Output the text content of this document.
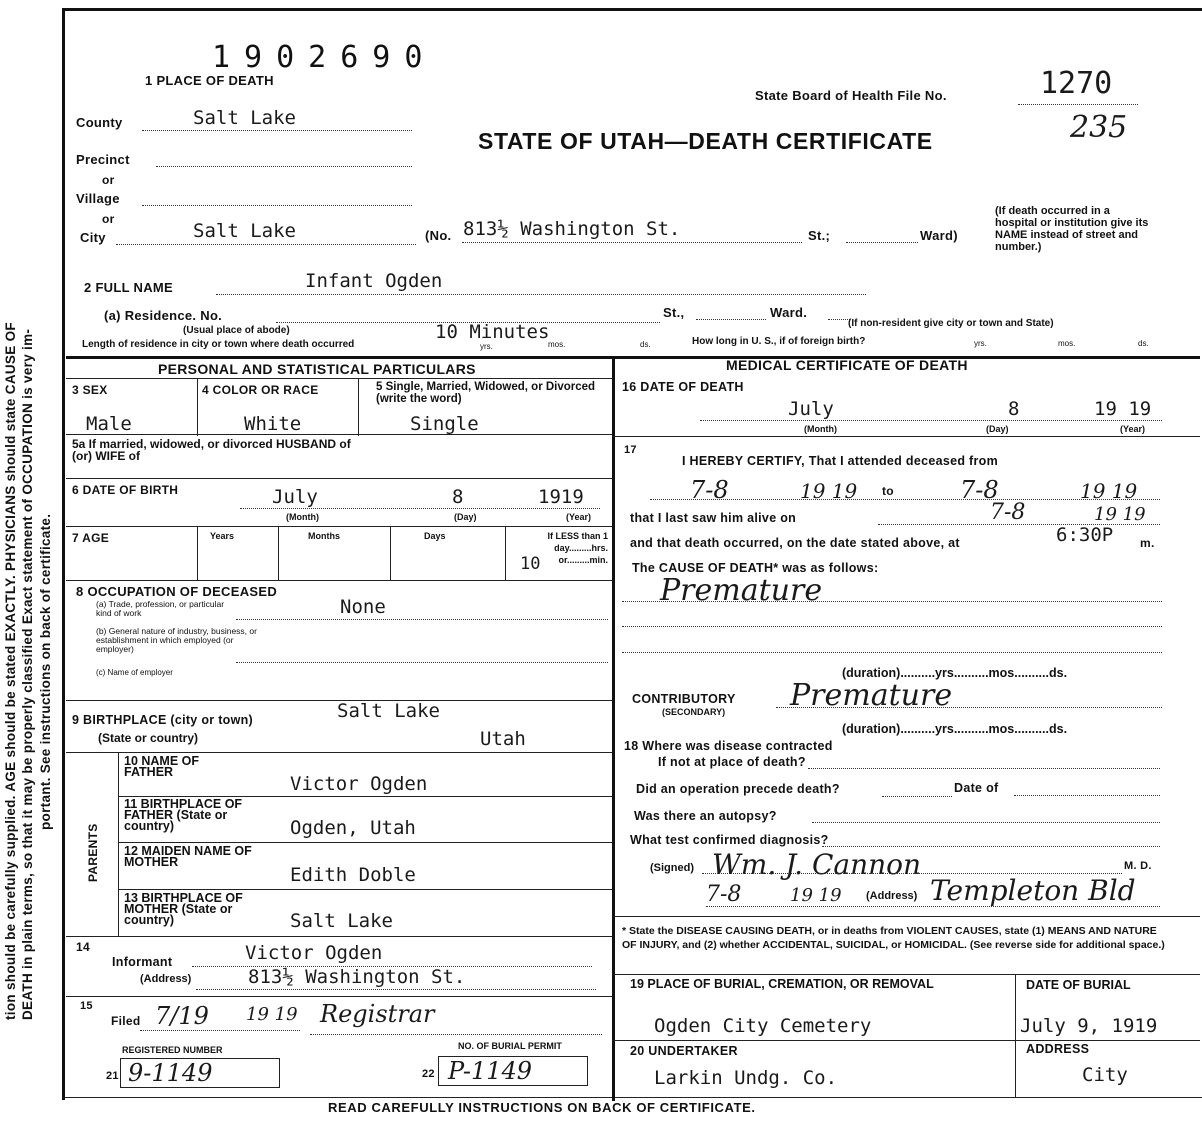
tion should be carefully supplied. AGE should be stated EXACTLY. PHYSICIANS should state CAUSE OF DEATH in plain terms, so that it may be properly classified Exact statement of OCCUPATION is very im- portant. See instructions on back of certificate.
1902690
1 PLACE OF DEATH
State Board of Health File No.	1270
235
STATE OF UTAH—DEATH CERTIFICATE
County	Salt Lake
Precinct
or
Village
or
City	Salt Lake	(No. 813½ Washington St.	St.;	Ward)
(If death occurred in a hospital or institution give its NAME instead of street and number.)
2 FULL NAME	Infant Ogden
(a) Residence. No.	St.,	Ward.
(If non-resident give city or town and State)
(Usual place of abode)
Length of residence in city or town where death occurred
10 Minutes
yrs.	mos.	ds.	How long in U. S., if of foreign birth?	yrs.	mos.	ds.
PERSONAL AND STATISTICAL PARTICULARS	MEDICAL CERTIFICATE OF DEATH
3 SEX	4 COLOR OR RACE	5 Single, Married, Widowed, or Divorced (write the word)
Male	White	Single
5a If married, widowed, or divorced HUSBAND of (or) WIFE of
6 DATE OF BIRTH	July	8	1919
(Month)	(Day)	(Year)
7 AGE	Years	Months	Days	If LESS than 1 day.........hrs. or.........min.
10
8 OCCUPATION OF DECEASED
(a) Trade, profession, or particular kind of work	None
(b) General nature of industry, business, or establishment in which employed (or employer)
(c) Name of employer
9 BIRTHPLACE (city or town)
(State or country)
Salt Lake
Utah
PARENTS
10 NAME OF FATHER
Victor Ogden
11 BIRTHPLACE OF FATHER (State or country)	Ogden, Utah
12 MAIDEN NAME OF MOTHER
Edith Doble
13 BIRTHPLACE OF MOTHER (State or country)	Salt Lake
14
Informant	Victor Ogden
(Address)	813½ Washington St.
15
Filed 7/19 19 19 Registrar
REGISTERED NUMBER	NO. OF BURIAL PERMIT
21 9-1149	22 P-1149
16 DATE OF DEATH
July	8	19 19
(Month)	(Day)	(Year)
17
I HEREBY CERTIFY, That I attended deceased from
7-8	19 19 to	7-8	19 19
that I last saw him alive on	7-8	19 19
and that death occurred, on the date stated above, at	6:30P m.
The CAUSE OF DEATH* was as follows:
Premature
(duration)..........yrs..........mos..........ds.
CONTRIBUTORY
(SECONDARY) Premature
(duration)..........yrs..........mos..........ds.
18 Where was disease contracted
If not at place of death?
Did an operation precede death?	Date of
Was there an autopsy?
What test confirmed diagnosis?
(Signed) Wm. J. Cannon	M. D.
7-8	19 19 (Address) Templeton Bld
* State the DISEASE CAUSING DEATH, or in deaths from VIOLENT CAUSES, state (1) MEANS AND NATURE OF INJURY, and (2) whether ACCIDENTAL, SUICIDAL, or HOMICIDAL. (See reverse side for additional space.)
19 PLACE OF BURIAL, CREMATION, OR REMOVAL	DATE OF BURIAL
Ogden City Cemetery	July 9, 1919
20 UNDERTAKER	ADDRESS
Larkin Undg. Co.	City
READ CAREFULLY INSTRUCTIONS ON BACK OF CERTIFICATE.
